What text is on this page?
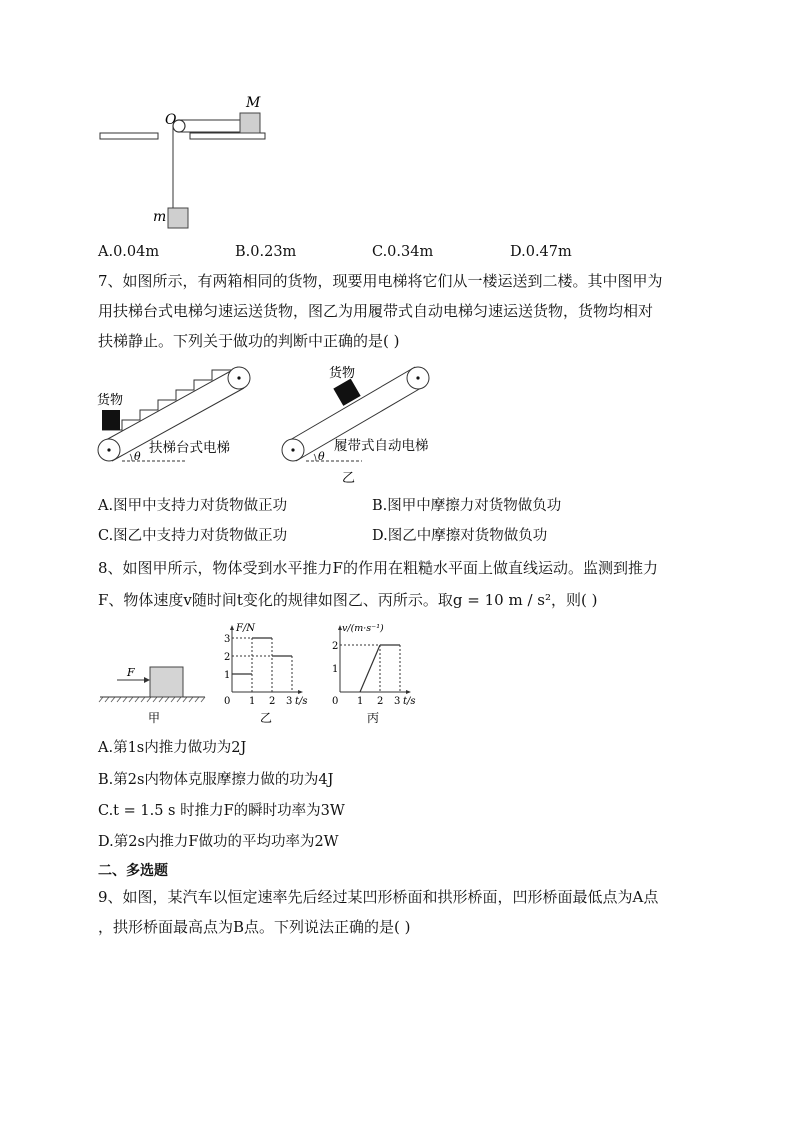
O
M
m
A.0.04m	B.0.23m	C.0.34m	D.0.47m
7、如图所示，有两箱相同的货物，现要用电梯将它们从一楼运送到二楼。其中图甲为
用扶梯台式电梯匀速运送货物，图乙为用履带式自动电梯匀速运送货物，货物均相对
扶梯静止。下列关于做功的判断中正确的是( )
货物
扶梯台式电梯
θ
货物
履带式自动电梯
θ
乙
A.图甲中支持力对货物做正功	B.图甲中摩擦力对货物做负功
C.图乙中支持力对货物做正功	D.图乙中摩擦对货物做负功
8、如图甲所示，物体受到水平推力F的作用在粗糙水平面上做直线运动。监测到推力
F、物体速度v随时间t变化的规律如图乙、丙所示。取g = 10 m / s²，则( )
F
甲
F/N
0
1
2
3
1 2 3 t/s
乙
v/(m·s⁻¹)
0
1
2
1 2 3 t/s
丙
A.第1s内推力做功为2J
B.第2s内物体克服摩擦力做的功为4J
C.t = 1.5 s 时推力F的瞬时功率为3W
D.第2s内推力F做功的平均功率为2W
二、多选题
9、如图，某汽车以恒定速率先后经过某凹形桥面和拱形桥面，凹形桥面最低点为A点
，拱形桥面最高点为B点。下列说法正确的是( )
